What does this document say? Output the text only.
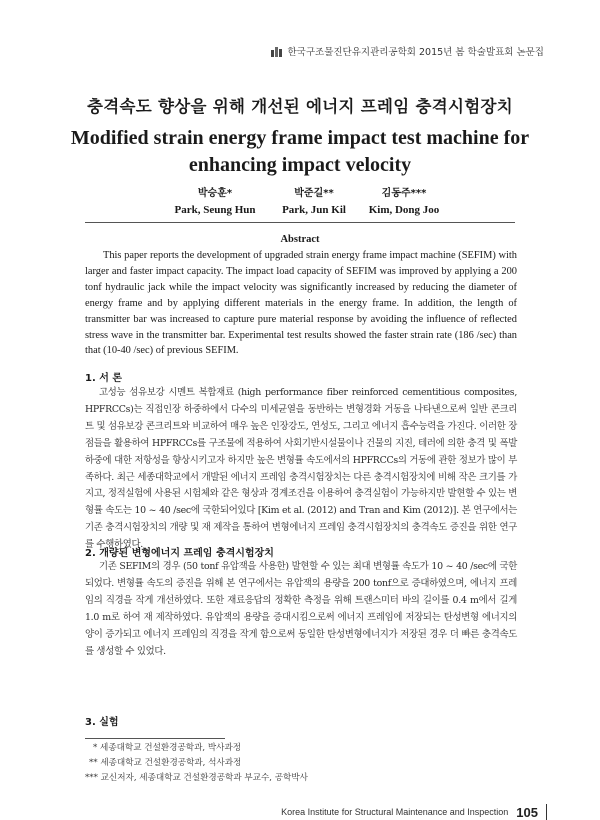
한국구조물진단유지관리공학회 2015년 봄 학술발표회 논문집
충격속도 향상을 위해 개선된 에너지 프레임 충격시험장치
Modified strain energy frame impact test machine for
enhancing impact velocity
박승훈*
Park, Seung Hun
박준길**
Park, Jun Kil
김동주***
Kim, Dong Joo
Abstract

This paper reports the development of upgraded strain energy frame impact machine (SEFIM) with larger and faster impact capacity. The impact load capacity of SEFIM was improved by applying a 200 tonf hydraulic jack while the impact velocity was significantly increased by reducing the diameter of energy frame and by applying different materials in the energy frame. In addition, the length of transmitter bar was increased to capture pure material response by avoiding the influence of reflected stress wave in the transmitter bar. Experimental test results showed the faster strain rate (186 /sec) than that (10-40 /sec) of previous SEFIM.

1. 서 론

고성능 섬유보강 시멘트 복합재료 (high performance fiber reinforced cementitious composites, HPFRCCs)는 직접인장 하중하에서 다수의 미세균열을 동반하는 변형경화 거동을 나타낸으로써 일반 콘크리트 및 섬유보강 콘크리트와 비교하여 매우 높은 인장강도, 연성도, 그리고 에너지 흡수능력을 가진다. 이러한 장점들을 활용하여 HPFRCCs를 구조물에 적용하여 사회기반시설물이나 건물의 지진, 테러에 의한 충격 및 폭발 하중에 대한 저항성을 향상시키고자 하지만 높은 변형률 속도에서의 HPFRCCs의 거동에 관한 정보가 많이 부족하다. 최근 세종대학교에서 개발된 에너지 프레임 충격시험장치는 다른 충격시험장치에 비해 작은 크기를 가지고, 정적실험에 사용된 시험체와 같은 형상과 경계조건을 이용하여 충격실험이 가능하지만 발현할 수 있는 변형률 속도는 10 ~ 40 /sec에 국한되어있다 [Kim et al. (2012) and Tran and Kim (2012)]. 본 연구에서는 기존 충격시험장치의 개량 및 재 제작을 통하여 변형에너지 프레임 충격시험장치의 충격속도 증진을 위한 연구를 수행하였다.

2. 개량된 변형에너지 프레임 충격시험장치

기존 SEFIM의 경우 (50 tonf 유압잭을 사용한) 발현할 수 있는 최대 변형률 속도가 10 ~ 40 /sec에 국한되었다. 변형률 속도의 증진을 위해 본 연구에서는 유압잭의 용량을 200 tonf으로 증대하였으며, 에너지 프레임의 직경을 작게 개선하였다. 또한 재료응답의 정확한 측정을 위해 트랜스미터 바의 길이를 0.4 m에서 길게 1.0 m로 하여 재 제작하였다. 유압잭의 용량을 증대시킴으로써 에너지 프레임에 저장되는 탄성변형 에너지의 양이 증가되고 에너지 프레임의 직경을 작게 함으로써 동일한 탄성변형에너지가 저장된 경우 더 빠른 충격속도를 생성할 수 있었다.

3. 실험
* 세종대학교 건설환경공학과, 박사과정
** 세종대학교 건설환경공학과, 석사과정
*** 교신저자, 세종대학교 건설환경공학과 부교수, 공학박사
Korea Institute for Structural Maintenance and Inspection 105
